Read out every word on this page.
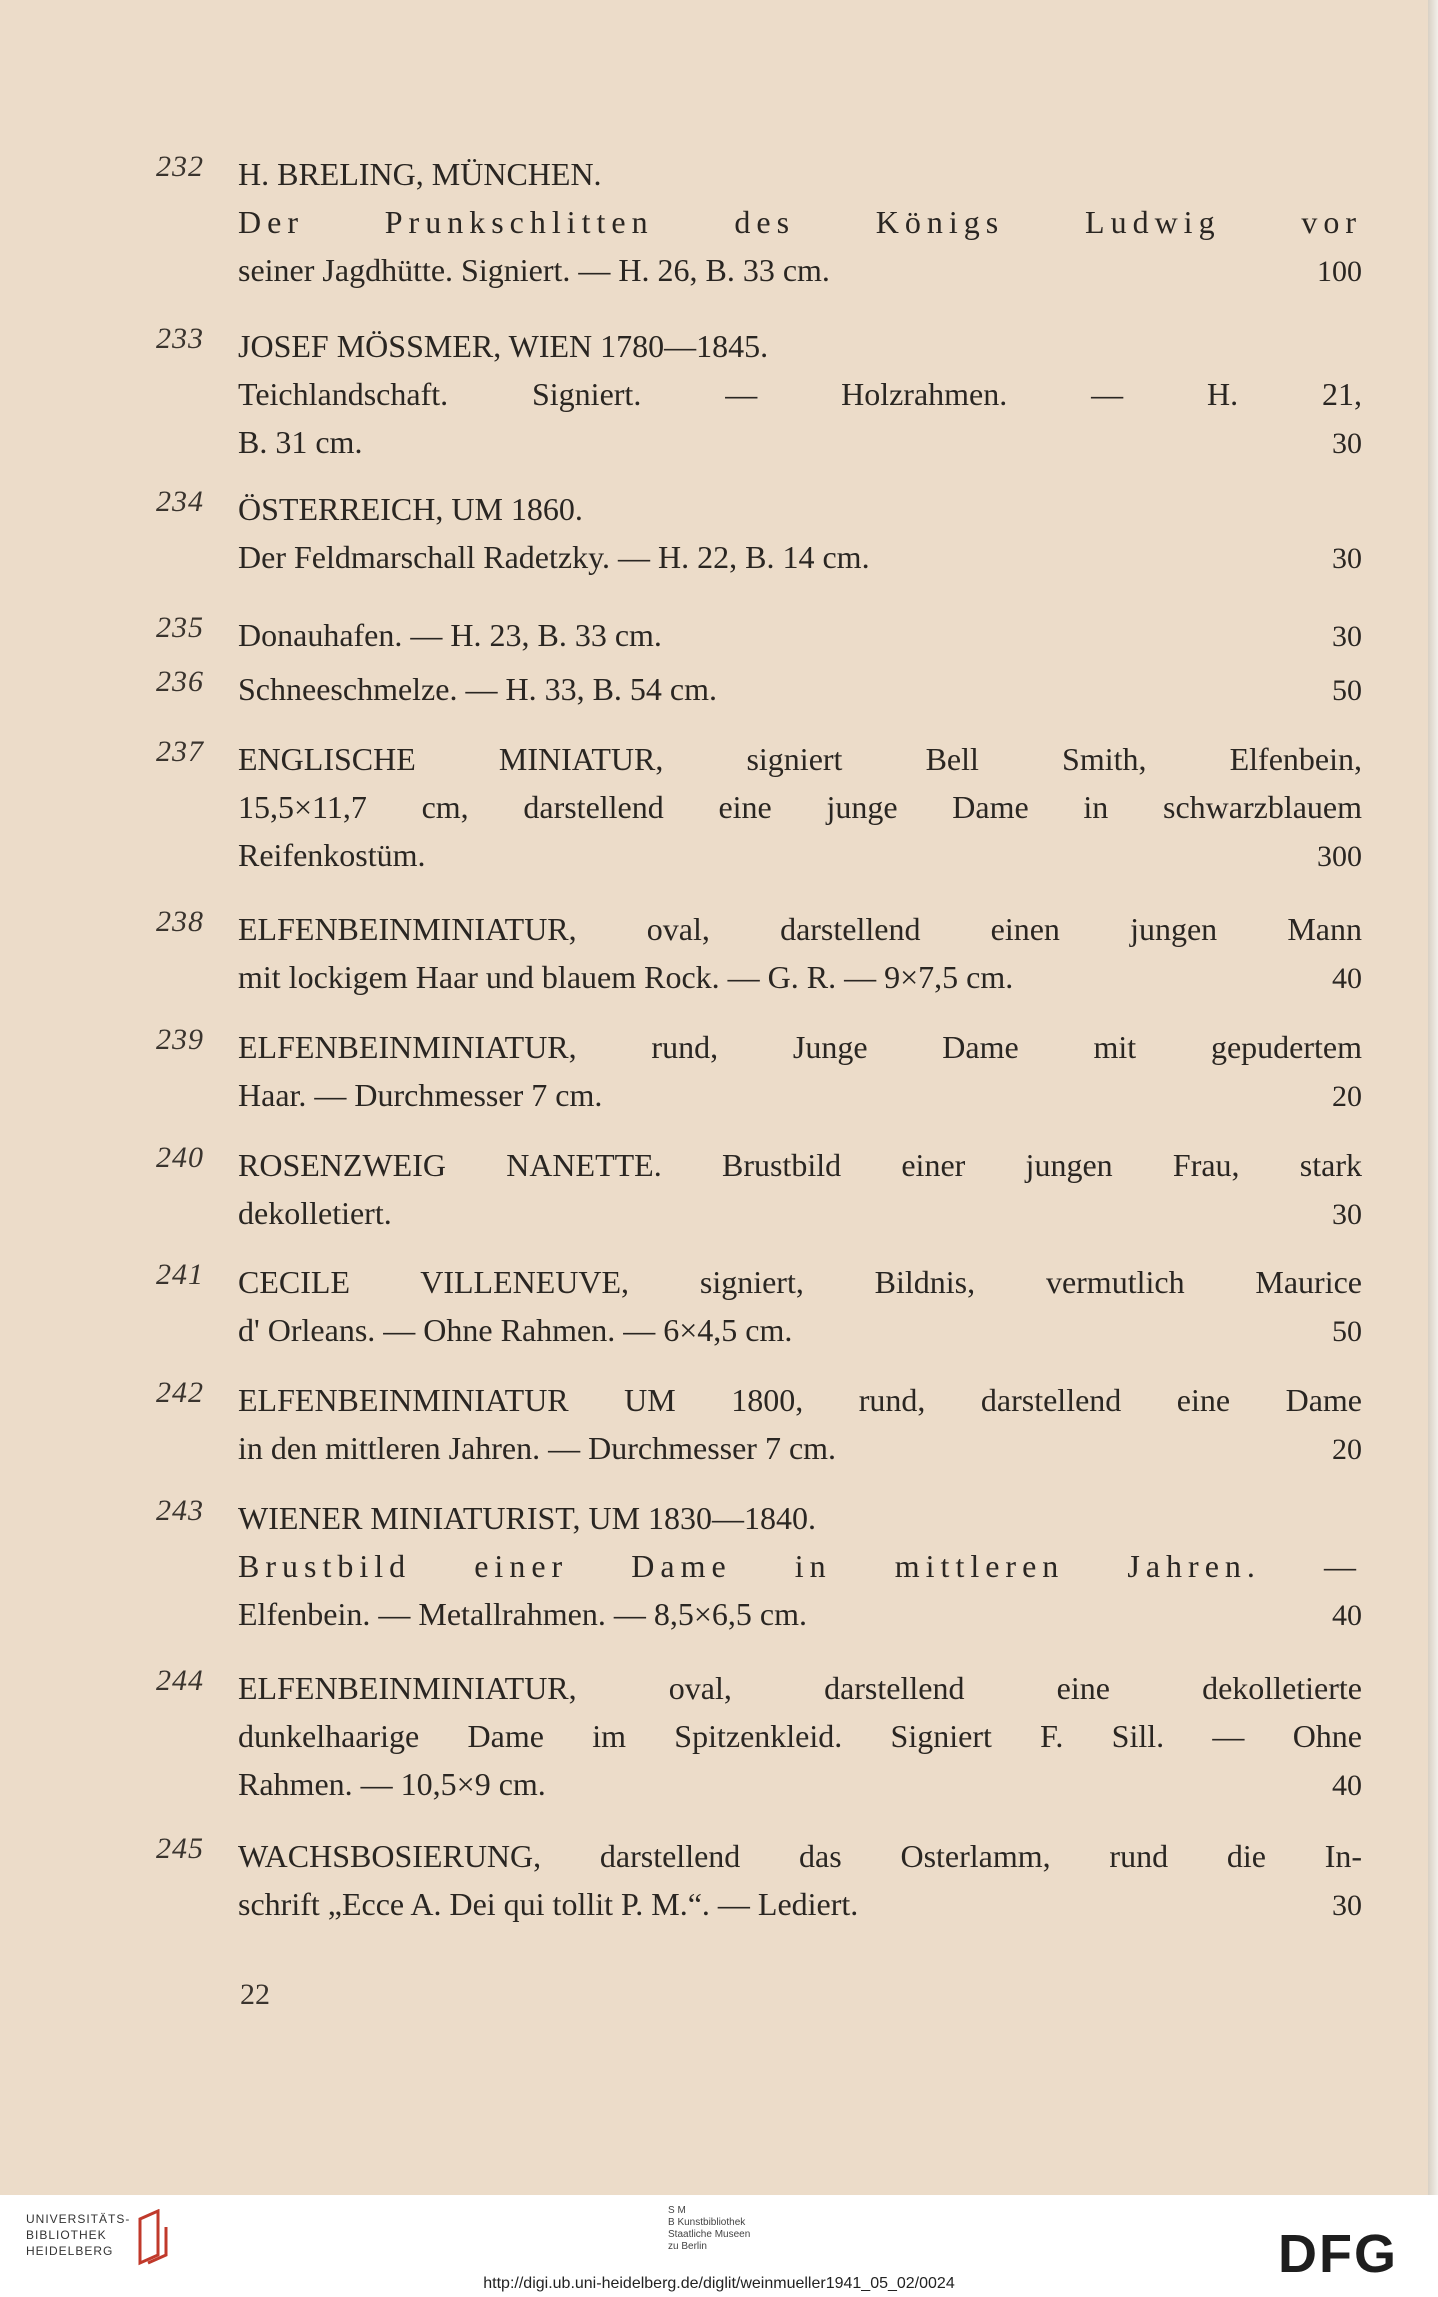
232 H. BRELING, MÜNCHEN.
Der Prunkschlitten des Königs Ludwig vor
seiner Jagdhütte. Signiert. — H. 26, B. 33 cm.	100
233 JOSEF MÖSSMER, WIEN 1780—1845.
Teichlandschaft. Signiert. — Holzrahmen. — H. 21,
B. 31 cm.	30
234 ÖSTERREICH, UM 1860.
Der Feldmarschall Radetzky. — H. 22, B. 14 cm.	30
235 Donauhafen. — H. 23, B. 33 cm.	30
236 Schneeschmelze. — H. 33, B. 54 cm.	50
237 ENGLISCHE MINIATUR, signiert Bell Smith, Elfenbein,
15,5×11,7 cm, darstellend eine junge Dame in schwarzblauem
Reifenkostüm.	300
238 ELFENBEINMINIATUR, oval, darstellend einen jungen Mann
mit lockigem Haar und blauem Rock. — G. R. — 9×7,5 cm.	40
239 ELFENBEINMINIATUR, rund, Junge Dame mit gepudertem
Haar. — Durchmesser 7 cm.	20
240 ROSENZWEIG NANETTE. Brustbild einer jungen Frau, stark
dekolletiert.	30
241 CECILE VILLENEUVE, signiert, Bildnis, vermutlich Maurice
d' Orleans. — Ohne Rahmen. — 6×4,5 cm.	50
242 ELFENBEINMINIATUR UM 1800, rund, darstellend eine Dame
in den mittleren Jahren. — Durchmesser 7 cm.	20
243 WIENER MINIATURIST, UM 1830—1840.
Brustbild einer Dame in mittleren Jahren. —
Elfenbein. — Metallrahmen. — 8,5×6,5 cm.	40
244 ELFENBEINMINIATUR, oval, darstellend eine dekolletierte
dunkelhaarige Dame im Spitzenkleid. Signiert F. Sill. — Ohne
Rahmen. — 10,5×9 cm.	40
245 WACHSBOSIERUNG, darstellend das Osterlamm, rund die In-
schrift „Ecce A. Dei qui tollit P. M.“. — Lediert.	30
22
UNIVERSITÄTS-
BIBLIOTHEK
HEIDELBERG
S M
B Kunstbibliothek
Staatliche Museen
zu Berlin	DFG
http://digi.ub.uni-heidelberg.de/diglit/weinmueller1941_05_02/0024
